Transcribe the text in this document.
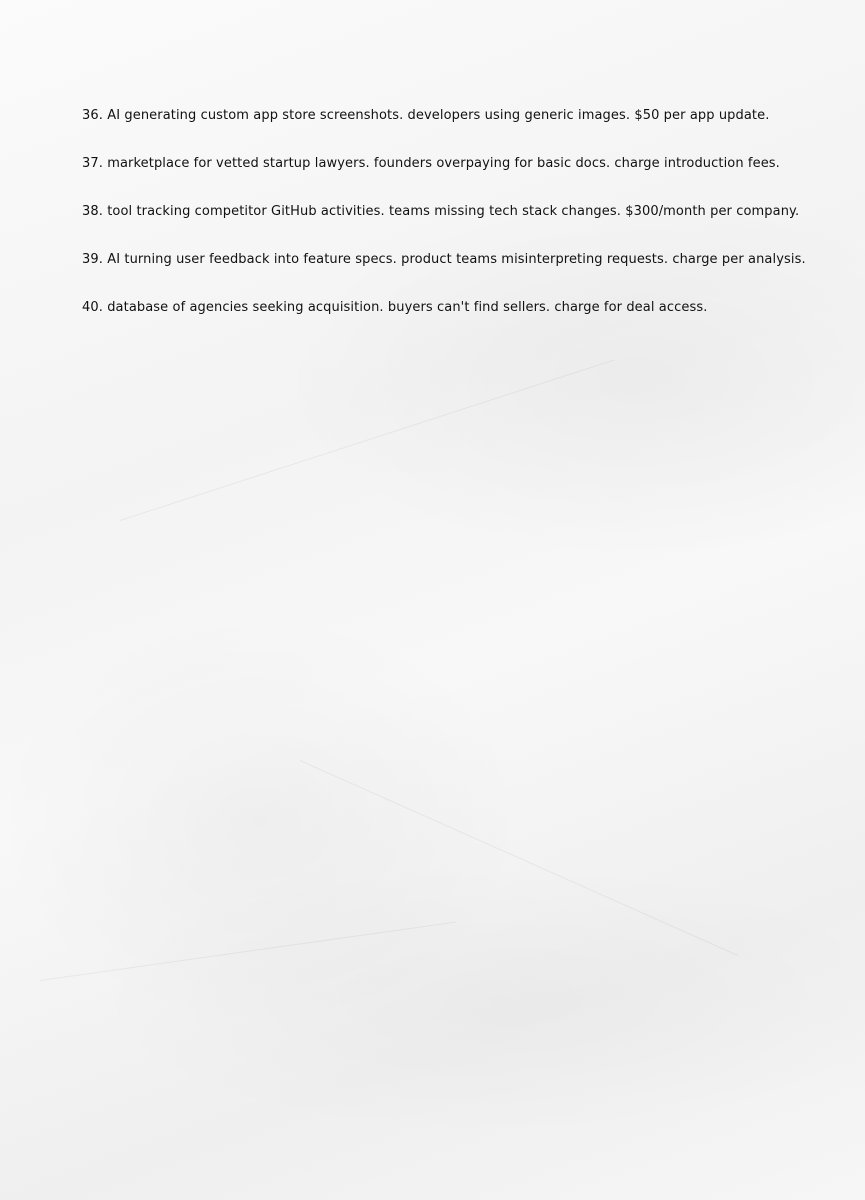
36. AI generating custom app store screenshots. developers using generic images. $50 per app update.
37. marketplace for vetted startup lawyers. founders overpaying for basic docs. charge introduction fees.
38. tool tracking competitor GitHub activities. teams missing tech stack changes. $300/month per company.
39. AI turning user feedback into feature specs. product teams misinterpreting requests. charge per analysis.
40. database of agencies seeking acquisition. buyers can't find sellers. charge for deal access.
